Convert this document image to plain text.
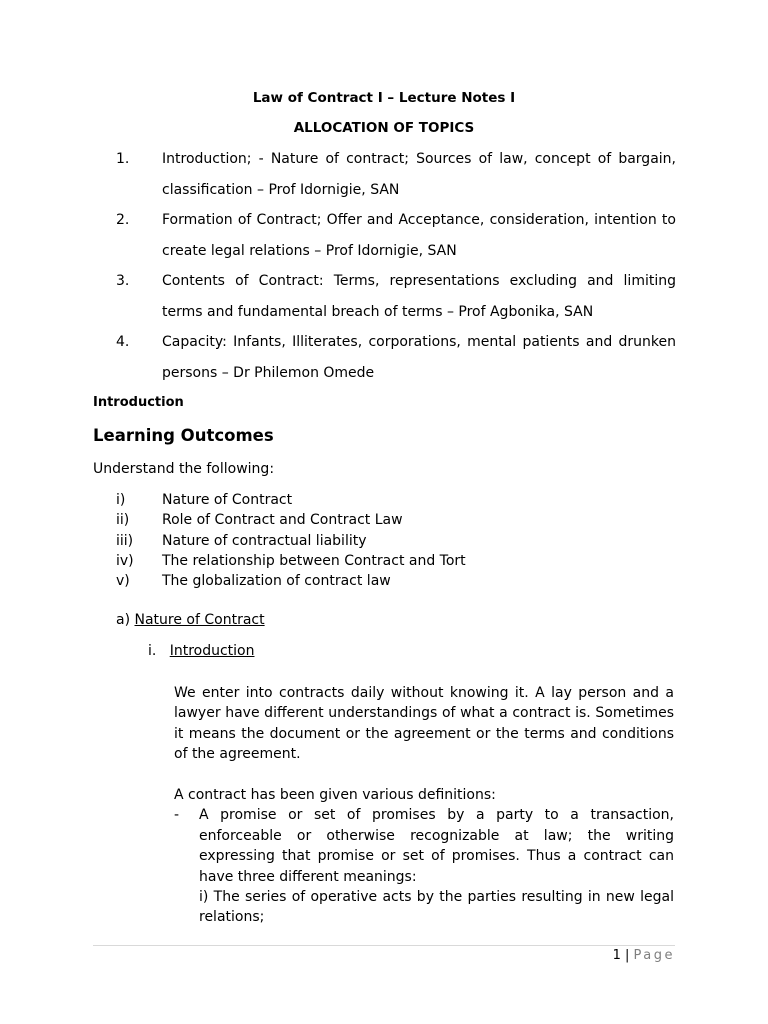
Law of Contract I – Lecture Notes I
ALLOCATION OF TOPICS
1. Introduction; - Nature of contract; Sources of law, concept of bargain, classification – Prof Idornigie, SAN
2. Formation of Contract; Offer and Acceptance, consideration, intention to create legal relations – Prof Idornigie, SAN
3. Contents of Contract: Terms, representations excluding and limiting terms and fundamental breach of terms – Prof Agbonika, SAN
4. Capacity: Infants, Illiterates, corporations, mental patients and drunken persons – Dr Philemon Omede
Introduction
Learning Outcomes
Understand the following:
i)	Nature of Contract
ii) Role of Contract and Contract Law
iii) Nature of contractual liability
iv) The relationship between Contract and Tort
v) The globalization of contract law
a) Nature of Contract
i. Introduction
We enter into contracts daily without knowing it. A lay person and a lawyer have different understandings of what a contract is. Sometimes it means the document or the agreement or the terms and conditions of the agreement.
A contract has been given various definitions:
- A promise or set of promises by a party to a transaction, enforceable or otherwise recognizable at law; the writing expressing that promise or set of promises. Thus a contract can have three different meanings:
i) The series of operative acts by the parties resulting in new legal relations;
1 | Page
